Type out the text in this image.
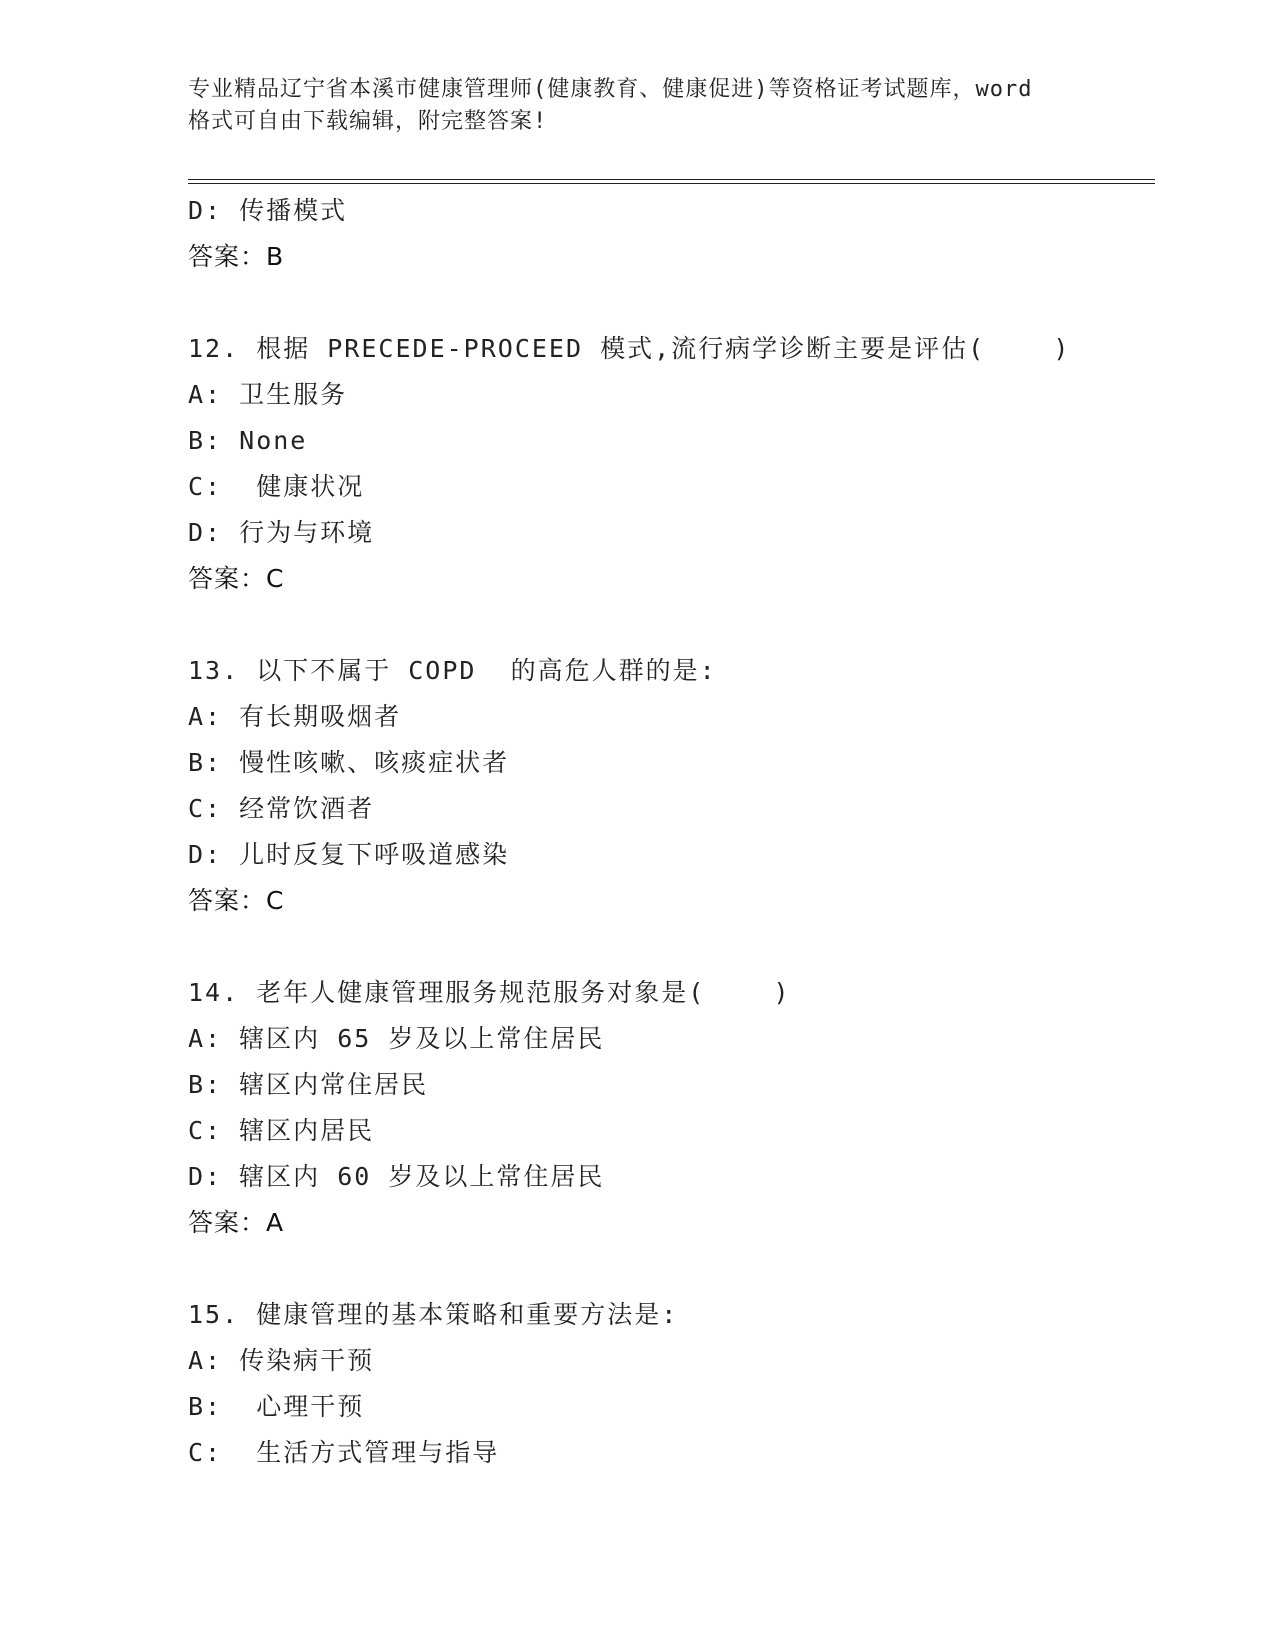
专业精品辽宁省本溪市健康管理师(健康教育、健康促进)等资格证考试题库，word
格式可自由下载编辑，附完整答案!
D: 传播模式
答案：B
12. 根据 PRECEDE-PROCEED 模式,流行病学诊断主要是评估(    )
A: 卫生服务
B: None
C:  健康状况
D: 行为与环境
答案：C
13. 以下不属于 COPD  的高危人群的是:
A: 有长期吸烟者
B: 慢性咳嗽、咳痰症状者
C: 经常饮酒者
D: 儿时反复下呼吸道感染
答案：C
14. 老年人健康管理服务规范服务对象是(    )
A: 辖区内 65 岁及以上常住居民
B: 辖区内常住居民
C: 辖区内居民
D: 辖区内 60 岁及以上常住居民
答案：A
15. 健康管理的基本策略和重要方法是:
A: 传染病干预
B:  心理干预
C:  生活方式管理与指导
